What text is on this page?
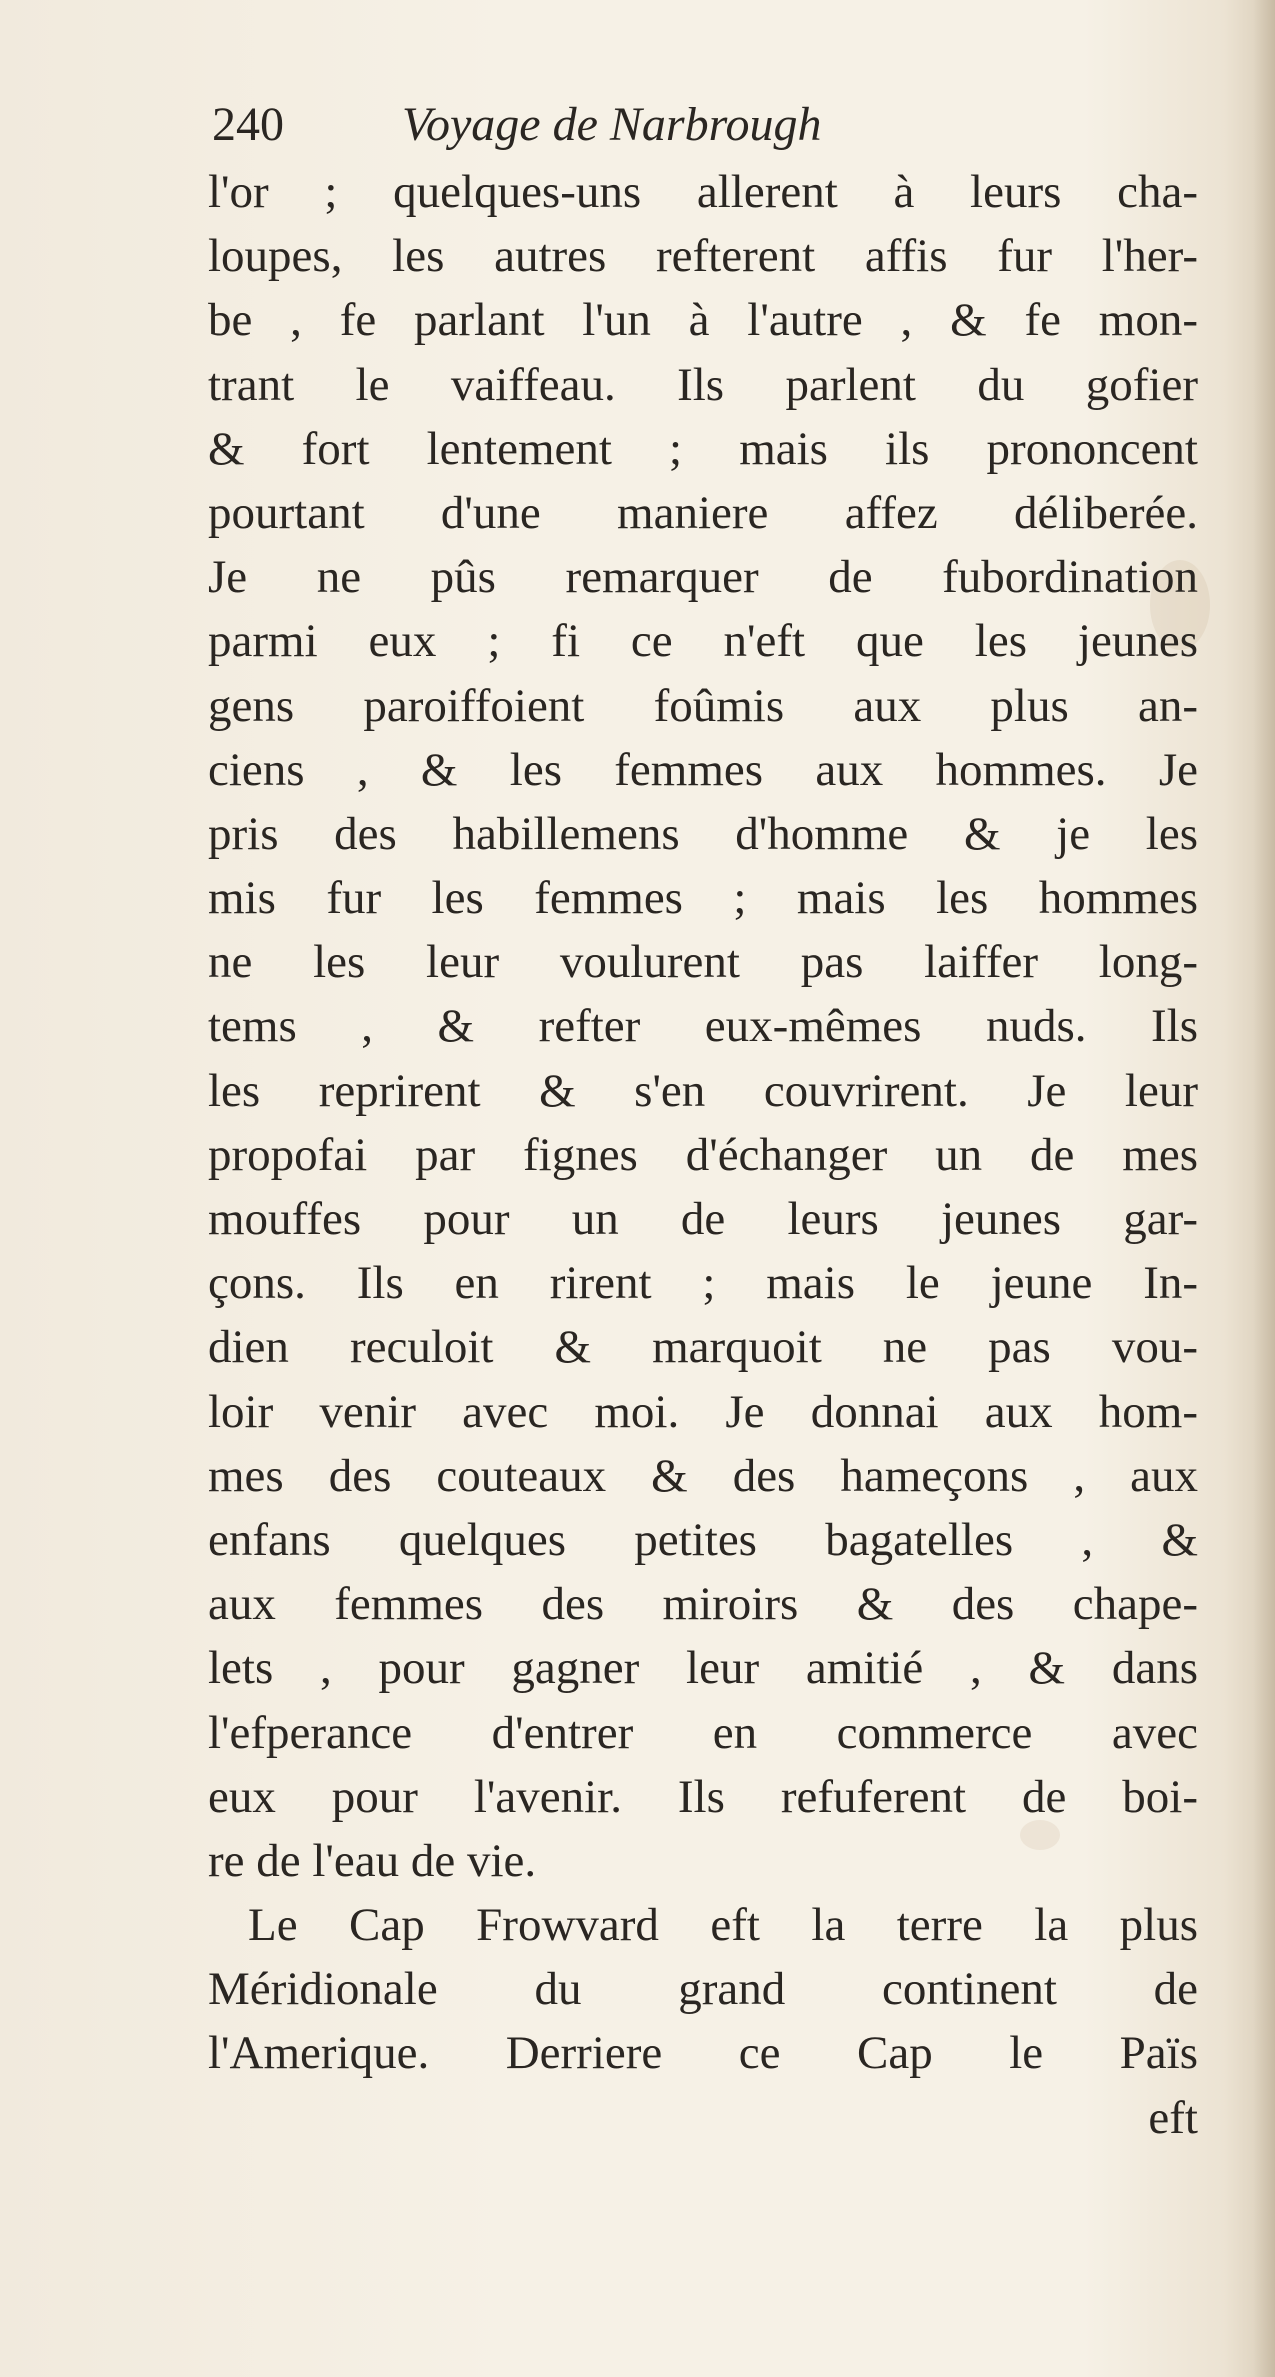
240 Voyage de Narbrough
l'or ; quelques-uns allerent à leurs cha-
loupes, les autres refterent affis fur l'her-
be , fe parlant l'un à l'autre , & fe mon-
trant le vaiffeau. Ils parlent du gofier
& fort lentement ; mais ils prononcent
pourtant d'une maniere affez déliberée.
Je ne pûs remarquer de fubordination
parmi eux ; fi ce n'eft que les jeunes
gens paroiffoient foûmis aux plus an-
ciens , & les femmes aux hommes. Je
pris des habillemens d'homme & je les
mis fur les femmes ; mais les hommes
ne les leur voulurent pas laiffer long-
tems , & refter eux-mêmes nuds. Ils
les reprirent & s'en couvrirent. Je leur
propofai par fignes d'échanger un de mes
mouffes pour un de leurs jeunes gar-
çons. Ils en rirent ; mais le jeune In-
dien reculoit & marquoit ne pas vou-
loir venir avec moi. Je donnai aux hom-
mes des couteaux & des hameçons , aux
enfans quelques petites bagatelles , &
aux femmes des miroirs & des chape-
lets , pour gagner leur amitié , & dans
l'efperance d'entrer en commerce avec
eux pour l'avenir. Ils refuferent de boi-
re de l'eau de vie.
Le Cap Frowvard eft la terre la plus
Méridionale du grand continent de
l'Amerique. Derriere ce Cap le Païs
eft
